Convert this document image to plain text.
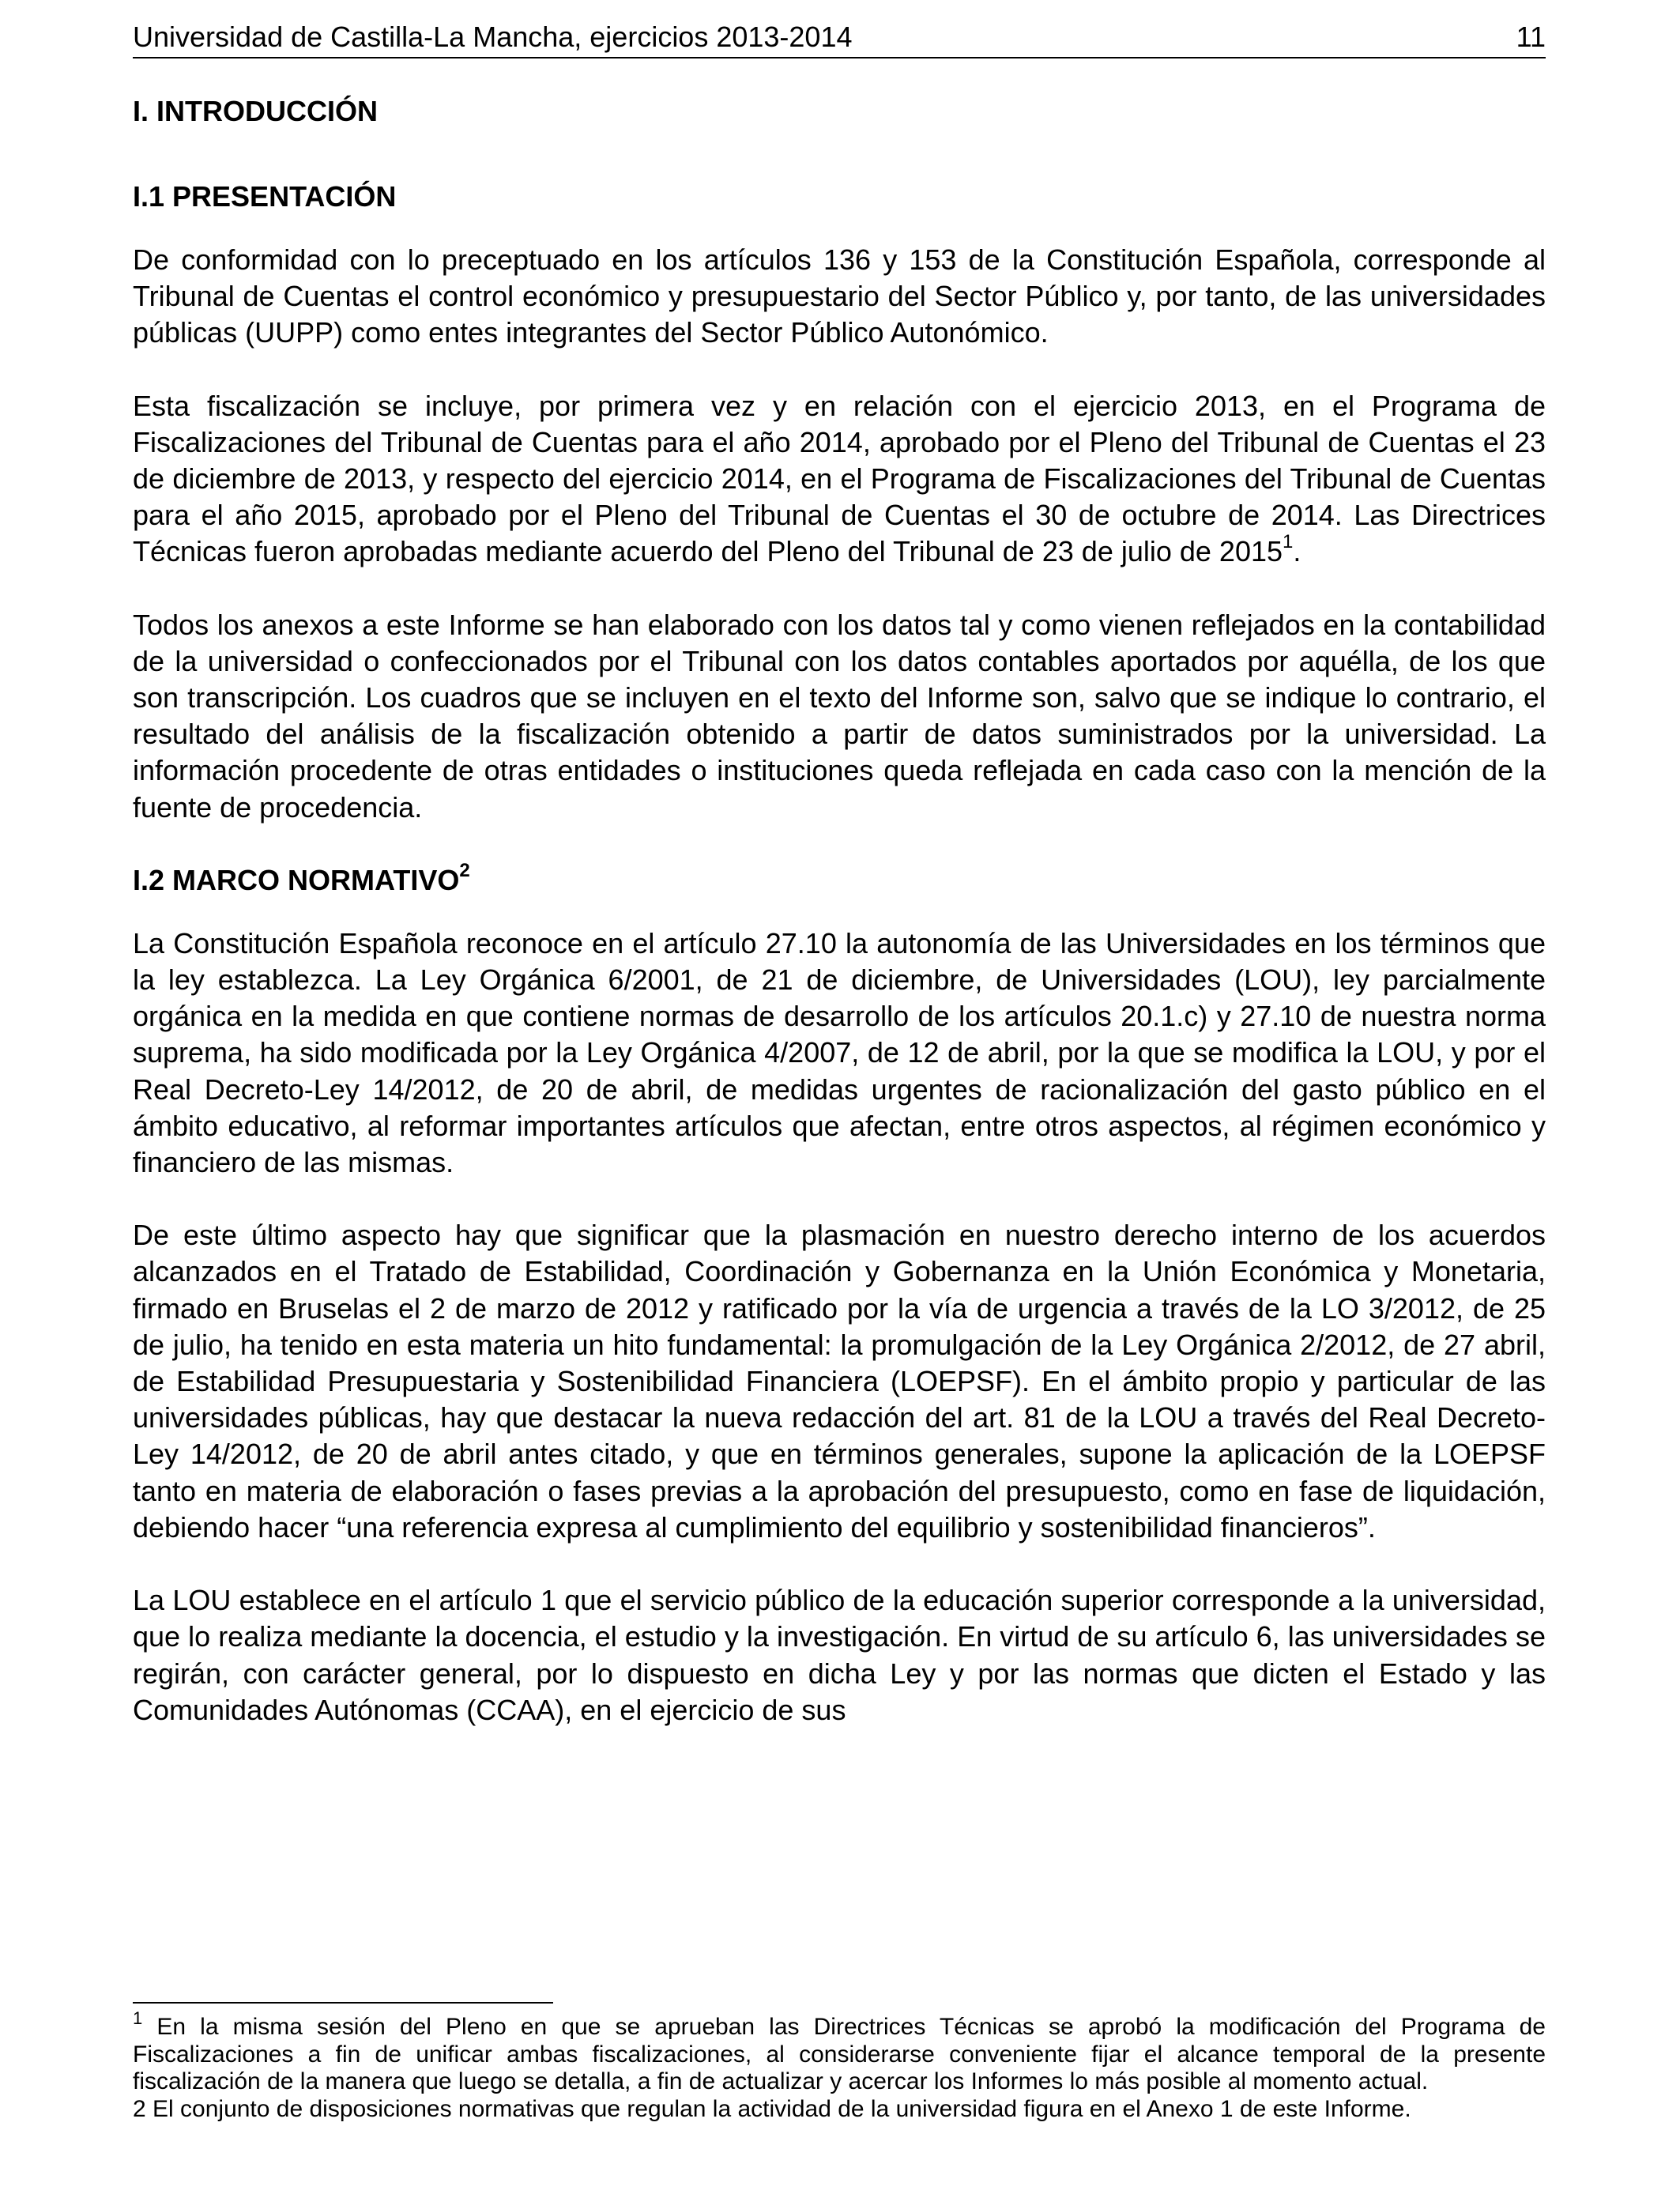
Universidad de Castilla-La Mancha, ejercicios 2013-2014	11
I. INTRODUCCIÓN
I.1 PRESENTACIÓN

De conformidad con lo preceptuado en los artículos 136 y 153 de la Constitución Española, corresponde al Tribunal de Cuentas el control económico y presupuestario del Sector Público y, por tanto, de las universidades públicas (UUPP) como entes integrantes del Sector Público Autonómico.

Esta fiscalización se incluye, por primera vez y en relación con el ejercicio 2013, en el Programa de Fiscalizaciones del Tribunal de Cuentas para el año 2014, aprobado por el Pleno del Tribunal de Cuentas el 23 de diciembre de 2013, y respecto del ejercicio 2014, en el Programa de Fiscalizaciones del Tribunal de Cuentas para el año 2015, aprobado por el Pleno del Tribunal de Cuentas el 30 de octubre de 2014. Las Directrices Técnicas fueron aprobadas mediante acuerdo del Pleno del Tribunal de 23 de julio de 2015$^1$.

Todos los anexos a este Informe se han elaborado con los datos tal y como vienen reflejados en la contabilidad de la universidad o confeccionados por el Tribunal con los datos contables aportados por aquélla, de los que son transcripción. Los cuadros que se incluyen en el texto del Informe son, salvo que se indique lo contrario, el resultado del análisis de la fiscalización obtenido a partir de datos suministrados por la universidad. La información procedente de otras entidades o instituciones queda reflejada en cada caso con la mención de la fuente de procedencia.

I.2 MARCO NORMATIVO$^2$

La Constitución Española reconoce en el artículo 27.10 la autonomía de las Universidades en los términos que la ley establezca. La Ley Orgánica 6/2001, de 21 de diciembre, de Universidades (LOU), ley parcialmente orgánica en la medida en que contiene normas de desarrollo de los artículos 20.1.c) y 27.10 de nuestra norma suprema, ha sido modificada por la Ley Orgánica 4/2007, de 12 de abril, por la que se modifica la LOU, y por el Real Decreto-Ley 14/2012, de 20 de abril, de medidas urgentes de racionalización del gasto público en el ámbito educativo, al reformar importantes artículos que afectan, entre otros aspectos, al régimen económico y financiero de las mismas.

De este último aspecto hay que significar que la plasmación en nuestro derecho interno de los acuerdos alcanzados en el Tratado de Estabilidad, Coordinación y Gobernanza en la Unión Económica y Monetaria, firmado en Bruselas el 2 de marzo de 2012 y ratificado por la vía de urgencia a través de la LO 3/2012, de 25 de julio, ha tenido en esta materia un hito fundamental: la promulgación de la Ley Orgánica 2/2012, de 27 abril, de Estabilidad Presupuestaria y Sostenibilidad Financiera (LOEPSF). En el ámbito propio y particular de las universidades públicas, hay que destacar la nueva redacción del art. 81 de la LOU a través del Real Decreto-Ley 14/2012, de 20 de abril antes citado, y que en términos generales, supone la aplicación de la LOEPSF tanto en materia de elaboración o fases previas a la aprobación del presupuesto, como en fase de liquidación, debiendo hacer “una referencia expresa al cumplimiento del equilibrio y sostenibilidad financieros”.

La LOU establece en el artículo 1 que el servicio público de la educación superior corresponde a la universidad, que lo realiza mediante la docencia, el estudio y la investigación. En virtud de su artículo 6, las universidades se regirán, con carácter general, por lo dispuesto en dicha Ley y por las normas que dicten el Estado y las Comunidades Autónomas (CCAA), en el ejercicio de sus

$^1$ En la misma sesión del Pleno en que se aprueban las Directrices Técnicas se aprobó la modificación del Programa de Fiscalizaciones a fin de unificar ambas fiscalizaciones, al considerarse conveniente fijar el alcance temporal de la presente fiscalización de la manera que luego se detalla, a fin de actualizar y acercar los Informes lo más posible al momento actual.

2 El conjunto de disposiciones normativas que regulan la actividad de la universidad figura en el Anexo 1 de este Informe.
